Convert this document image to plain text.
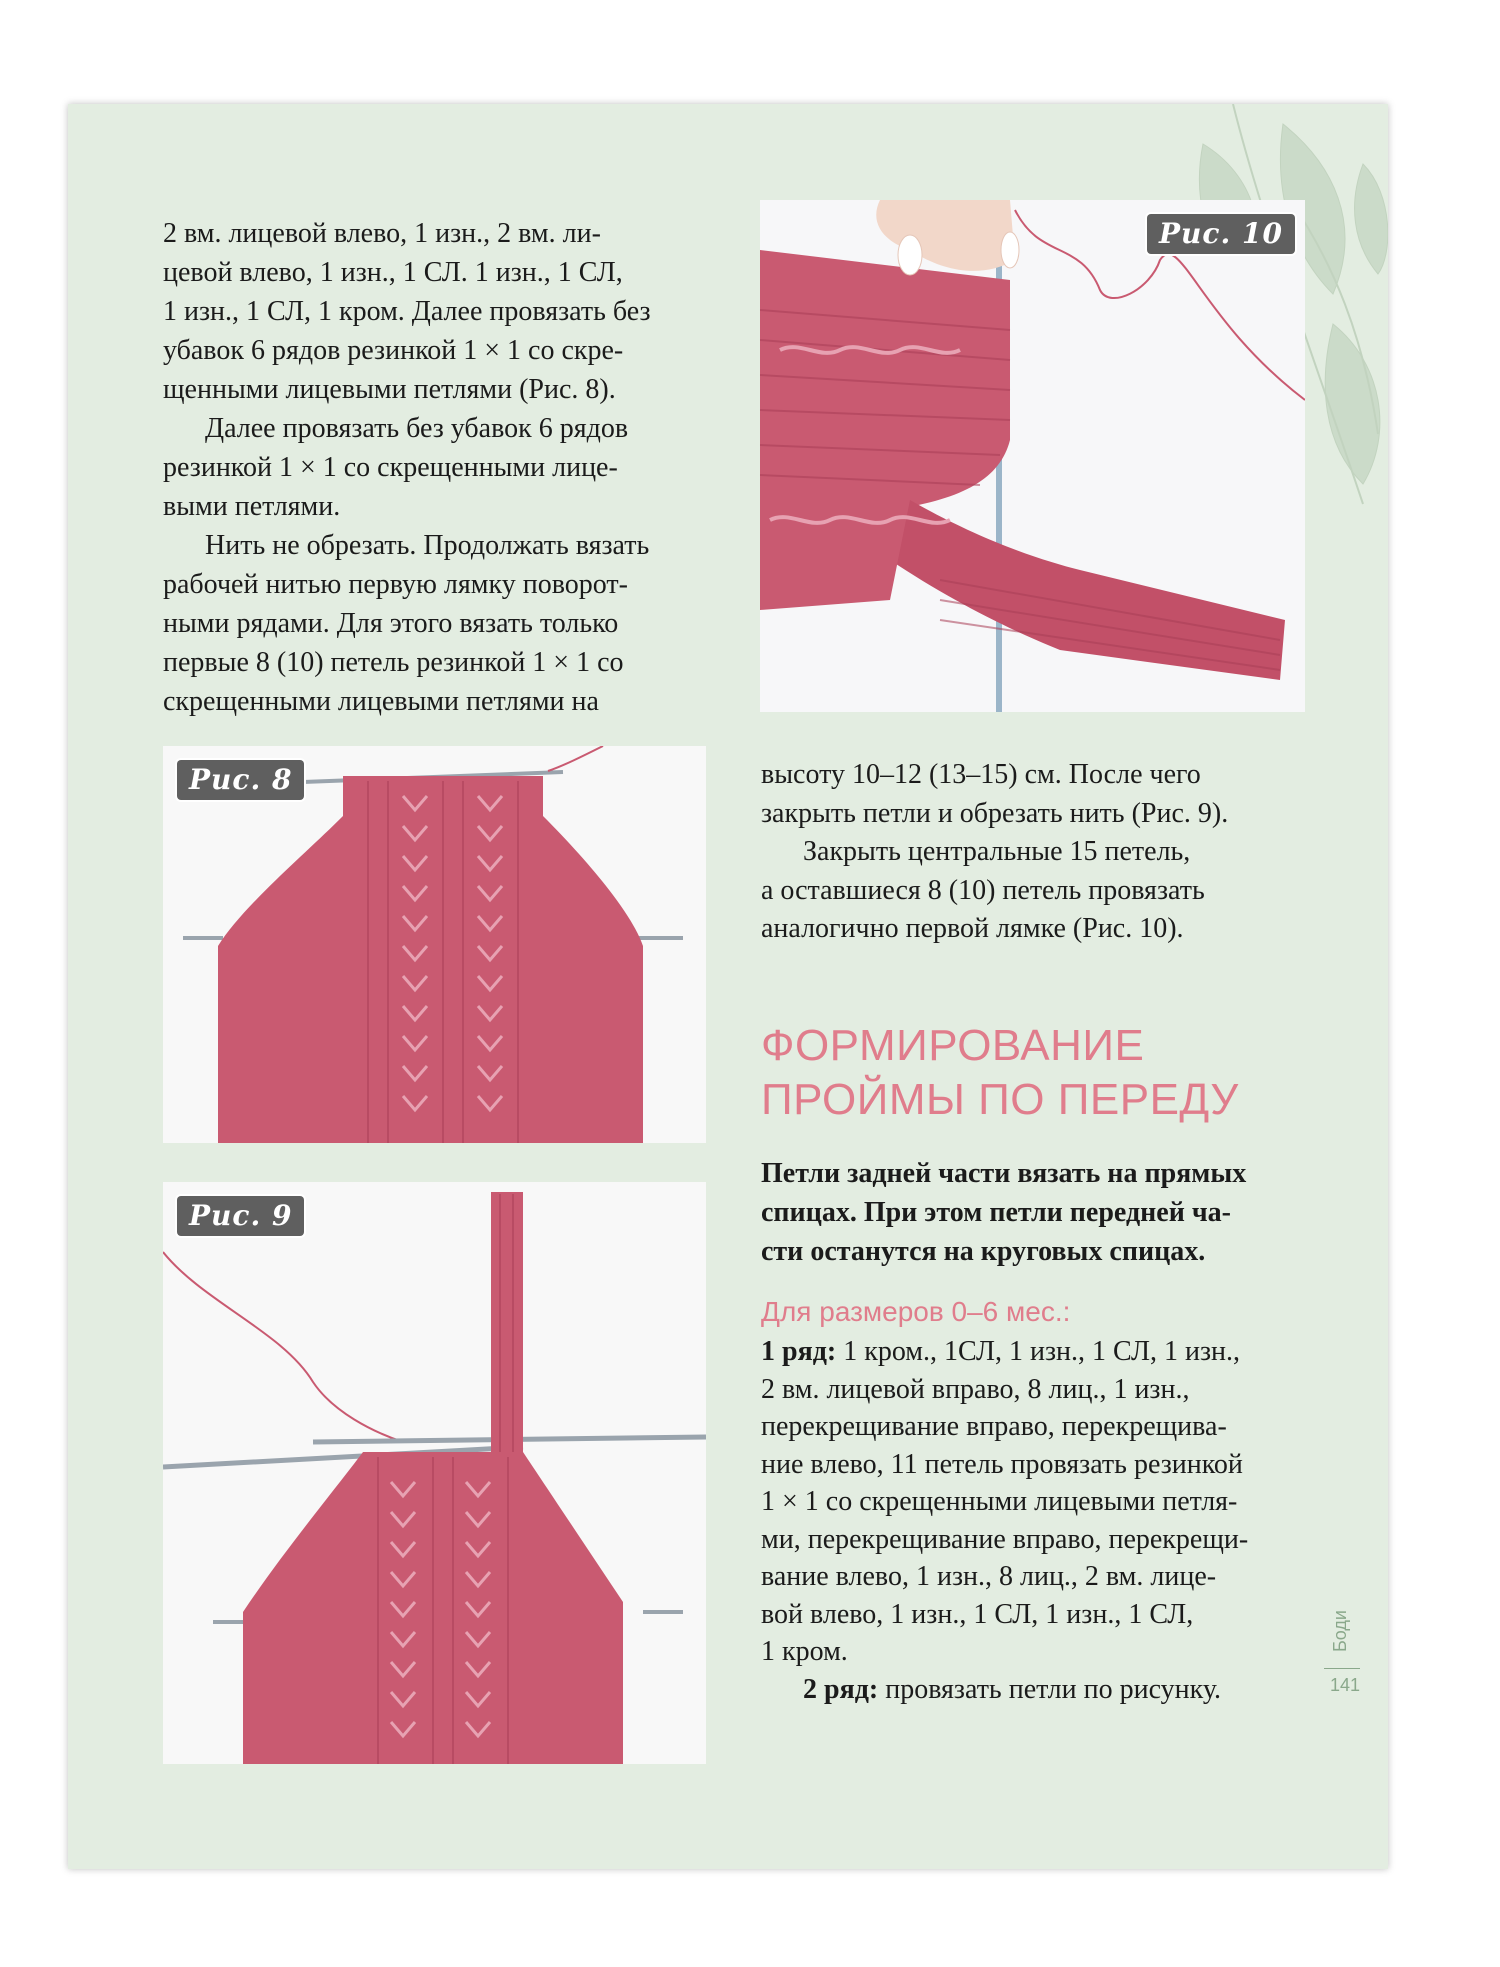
2 вм. лицевой влево, 1 изн., 2 вм. ли-

цевой влево, 1 изн., 1 СЛ. 1 изн., 1 СЛ,

1 изн., 1 СЛ, 1 кром. Далее провязать без

убавок 6 рядов резинкой 1 × 1 со скре-

щенными лицевыми петлями (Рис. 8).

Далее провязать без убавок 6 рядов

резинкой 1 × 1 со скрещенными лице-

выми петлями.

Нить не обрезать. Продолжать вязать

рабочей нитью первую лямку поворот-

ными рядами. Для этого вязать только

первые 8 (10) петель резинкой 1 × 1 со

скрещенными лицевыми петлями на

Рис. 10
Рис. 8
Рис. 9

высоту 10–12 (13–15) см. После чего

закрыть петли и обрезать нить (Рис. 9).

Закрыть центральные 15 петель,

а оставшиеся 8 (10) петель провязать

аналогично первой лямке (Рис. 10).

ФОРМИРОВАНИЕ
ПРОЙМЫ ПО ПЕРЕДУ
Петли задней части вязать на прямых
спицах. При этом петли передней ча-
сти останутся на круговых спицах.
Для размеров 0–6 мес.:
1 ряд: 1 кром., 1СЛ, 1 изн., 1 СЛ, 1 изн.,
2 вм. лицевой вправо, 8 лиц., 1 изн.,
перекрещивание вправо, перекрещива-
ние влево, 11 петель провязать резинкой
1 × 1 со скрещенными лицевыми петля-
ми, перекрещивание вправо, перекрещи-
вание влево, 1 изн., 8 лиц., 2 вм. лице-
вой влево, 1 изн., 1 СЛ, 1 изн., 1 СЛ,
1 кром.
2 ряд: провязать петли по рисунку.
Боди
141
